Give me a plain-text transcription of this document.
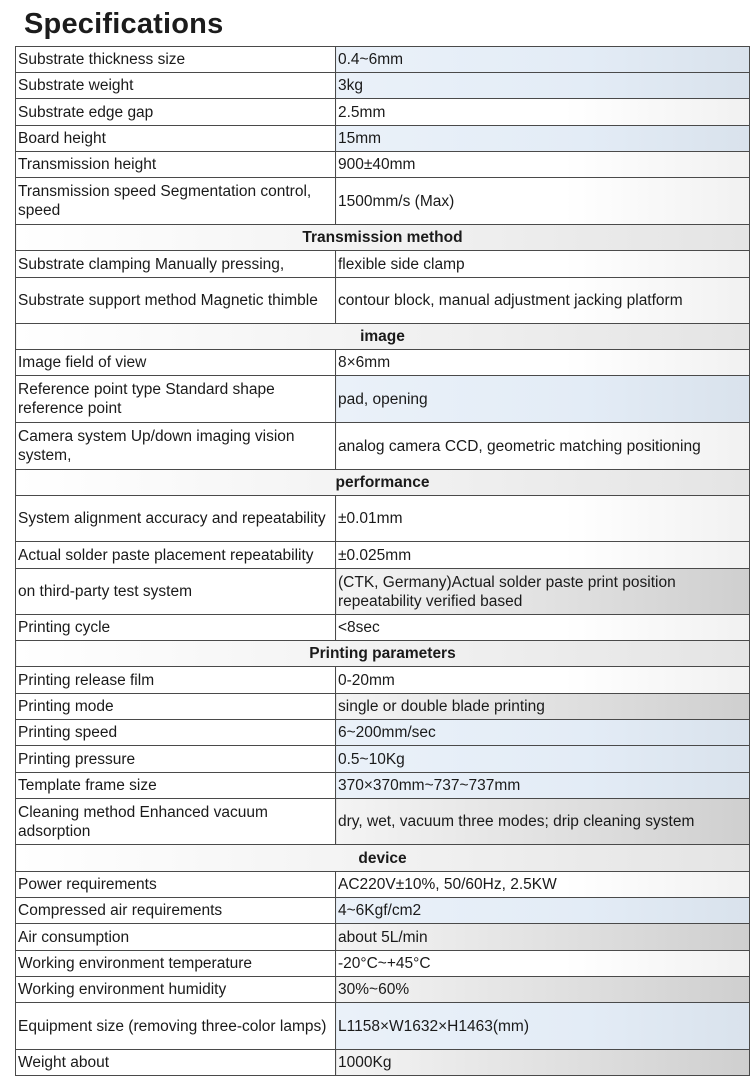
Specifications
Substrate thickness size	0.4~6mm
Substrate weight	3kg
Substrate edge gap	2.5mm
Board height	15mm
Transmission height	900±40mm
Transmission speed Segmentation control, speed	1500mm/s (Max)
Transmission method	
Substrate clamping Manually pressing,	flexible side clamp
Substrate support method Magnetic thimble	contour block, manual adjustment jacking platform
image	
Image field of view	8×6mm
Reference point type Standard shape reference point	pad, opening
Camera system Up/down imaging vision system,	analog camera CCD, geometric matching positioning
performance	
System alignment accuracy and repeatability	±0.01mm
Actual solder paste placement repeatability	±0.025mm
on third-party test system	(CTK, Germany)Actual solder paste print position repeatability verified based
Printing cycle	<8sec
Printing parameters	
Printing release film	0-20mm
Printing mode	single or double blade printing
Printing speed	6~200mm/sec
Printing pressure	0.5~10Kg
Template frame size	370×370mm~737~737mm
Cleaning method Enhanced vacuum adsorption	dry, wet, vacuum three modes; drip cleaning system
device	
Power requirements	AC220V±10%, 50/60Hz, 2.5KW
Compressed air requirements	4~6Kgf/cm2
Air consumption	about 5L/min
Working environment temperature	-20°C~+45°C
Working environment humidity	30%~60%
Equipment size (removing three-color lamps)	L1158×W1632×H1463(mm)
Weight about	1000Kg
